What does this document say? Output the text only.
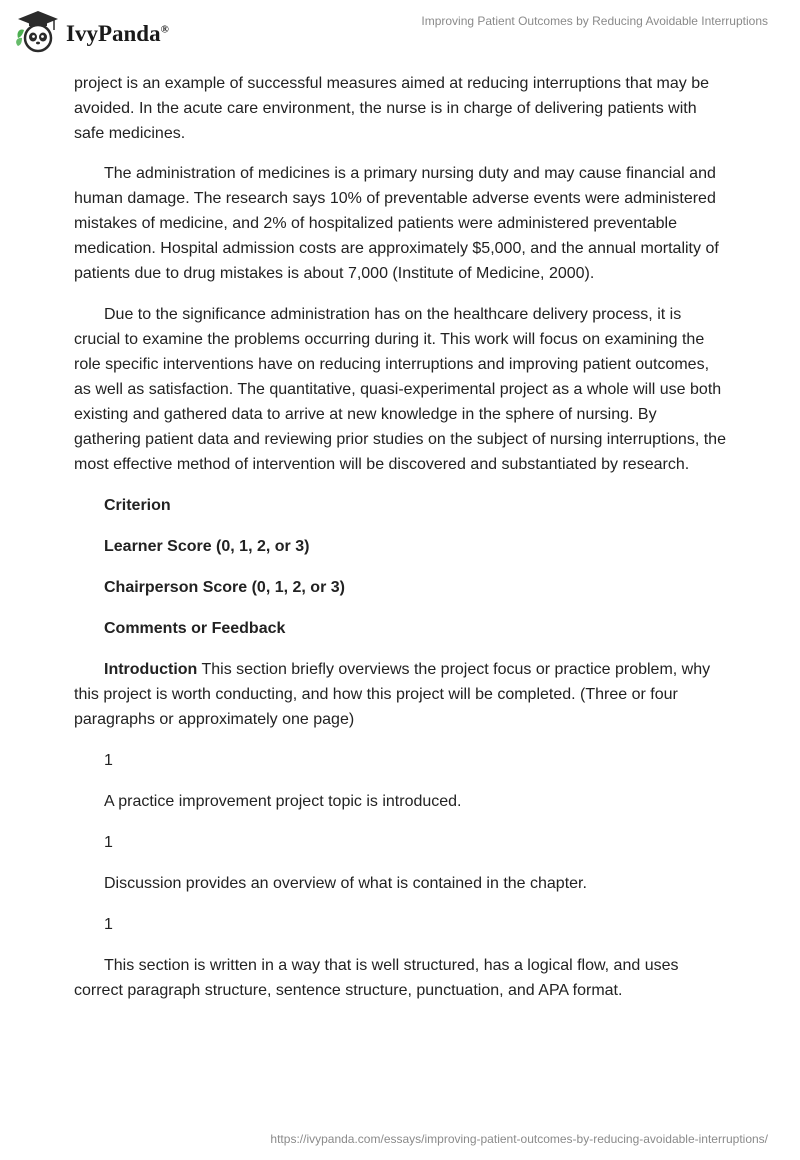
IvyPanda®
Improving Patient Outcomes by Reducing Avoidable Interruptions

project is an example of successful measures aimed at reducing interruptions that may be avoided. In the acute care environment, the nurse is in charge of delivering patients with safe medicines.

The administration of medicines is a primary nursing duty and may cause financial and human damage. The research says 10% of preventable adverse events were administered mistakes of medicine, and 2% of hospitalized patients were administered preventable medication. Hospital admission costs are approximately $5,000, and the annual mortality of patients due to drug mistakes is about 7,000 (Institute of Medicine, 2000).

Due to the significance administration has on the healthcare delivery process, it is crucial to examine the problems occurring during it. This work will focus on examining the role specific interventions have on reducing interruptions and improving patient outcomes, as well as satisfaction. The quantitative, quasi-experimental project as a whole will use both existing and gathered data to arrive at new knowledge in the sphere of nursing. By gathering patient data and reviewing prior studies on the subject of nursing interruptions, the most effective method of intervention will be discovered and substantiated by research.

Criterion

Learner Score (0, 1, 2, or 3)

Chairperson Score (0, 1, 2, or 3)

Comments or Feedback

Introduction This section briefly overviews the project focus or practice problem, why this project is worth conducting, and how this project will be completed. (Three or four paragraphs or approximately one page)

1

A practice improvement project topic is introduced.

1

Discussion provides an overview of what is contained in the chapter.

1

This section is written in a way that is well structured, has a logical flow, and uses correct paragraph structure, sentence structure, punctuation, and APA format.

https://ivypanda.com/essays/improving-patient-outcomes-by-reducing-avoidable-interruptions/
